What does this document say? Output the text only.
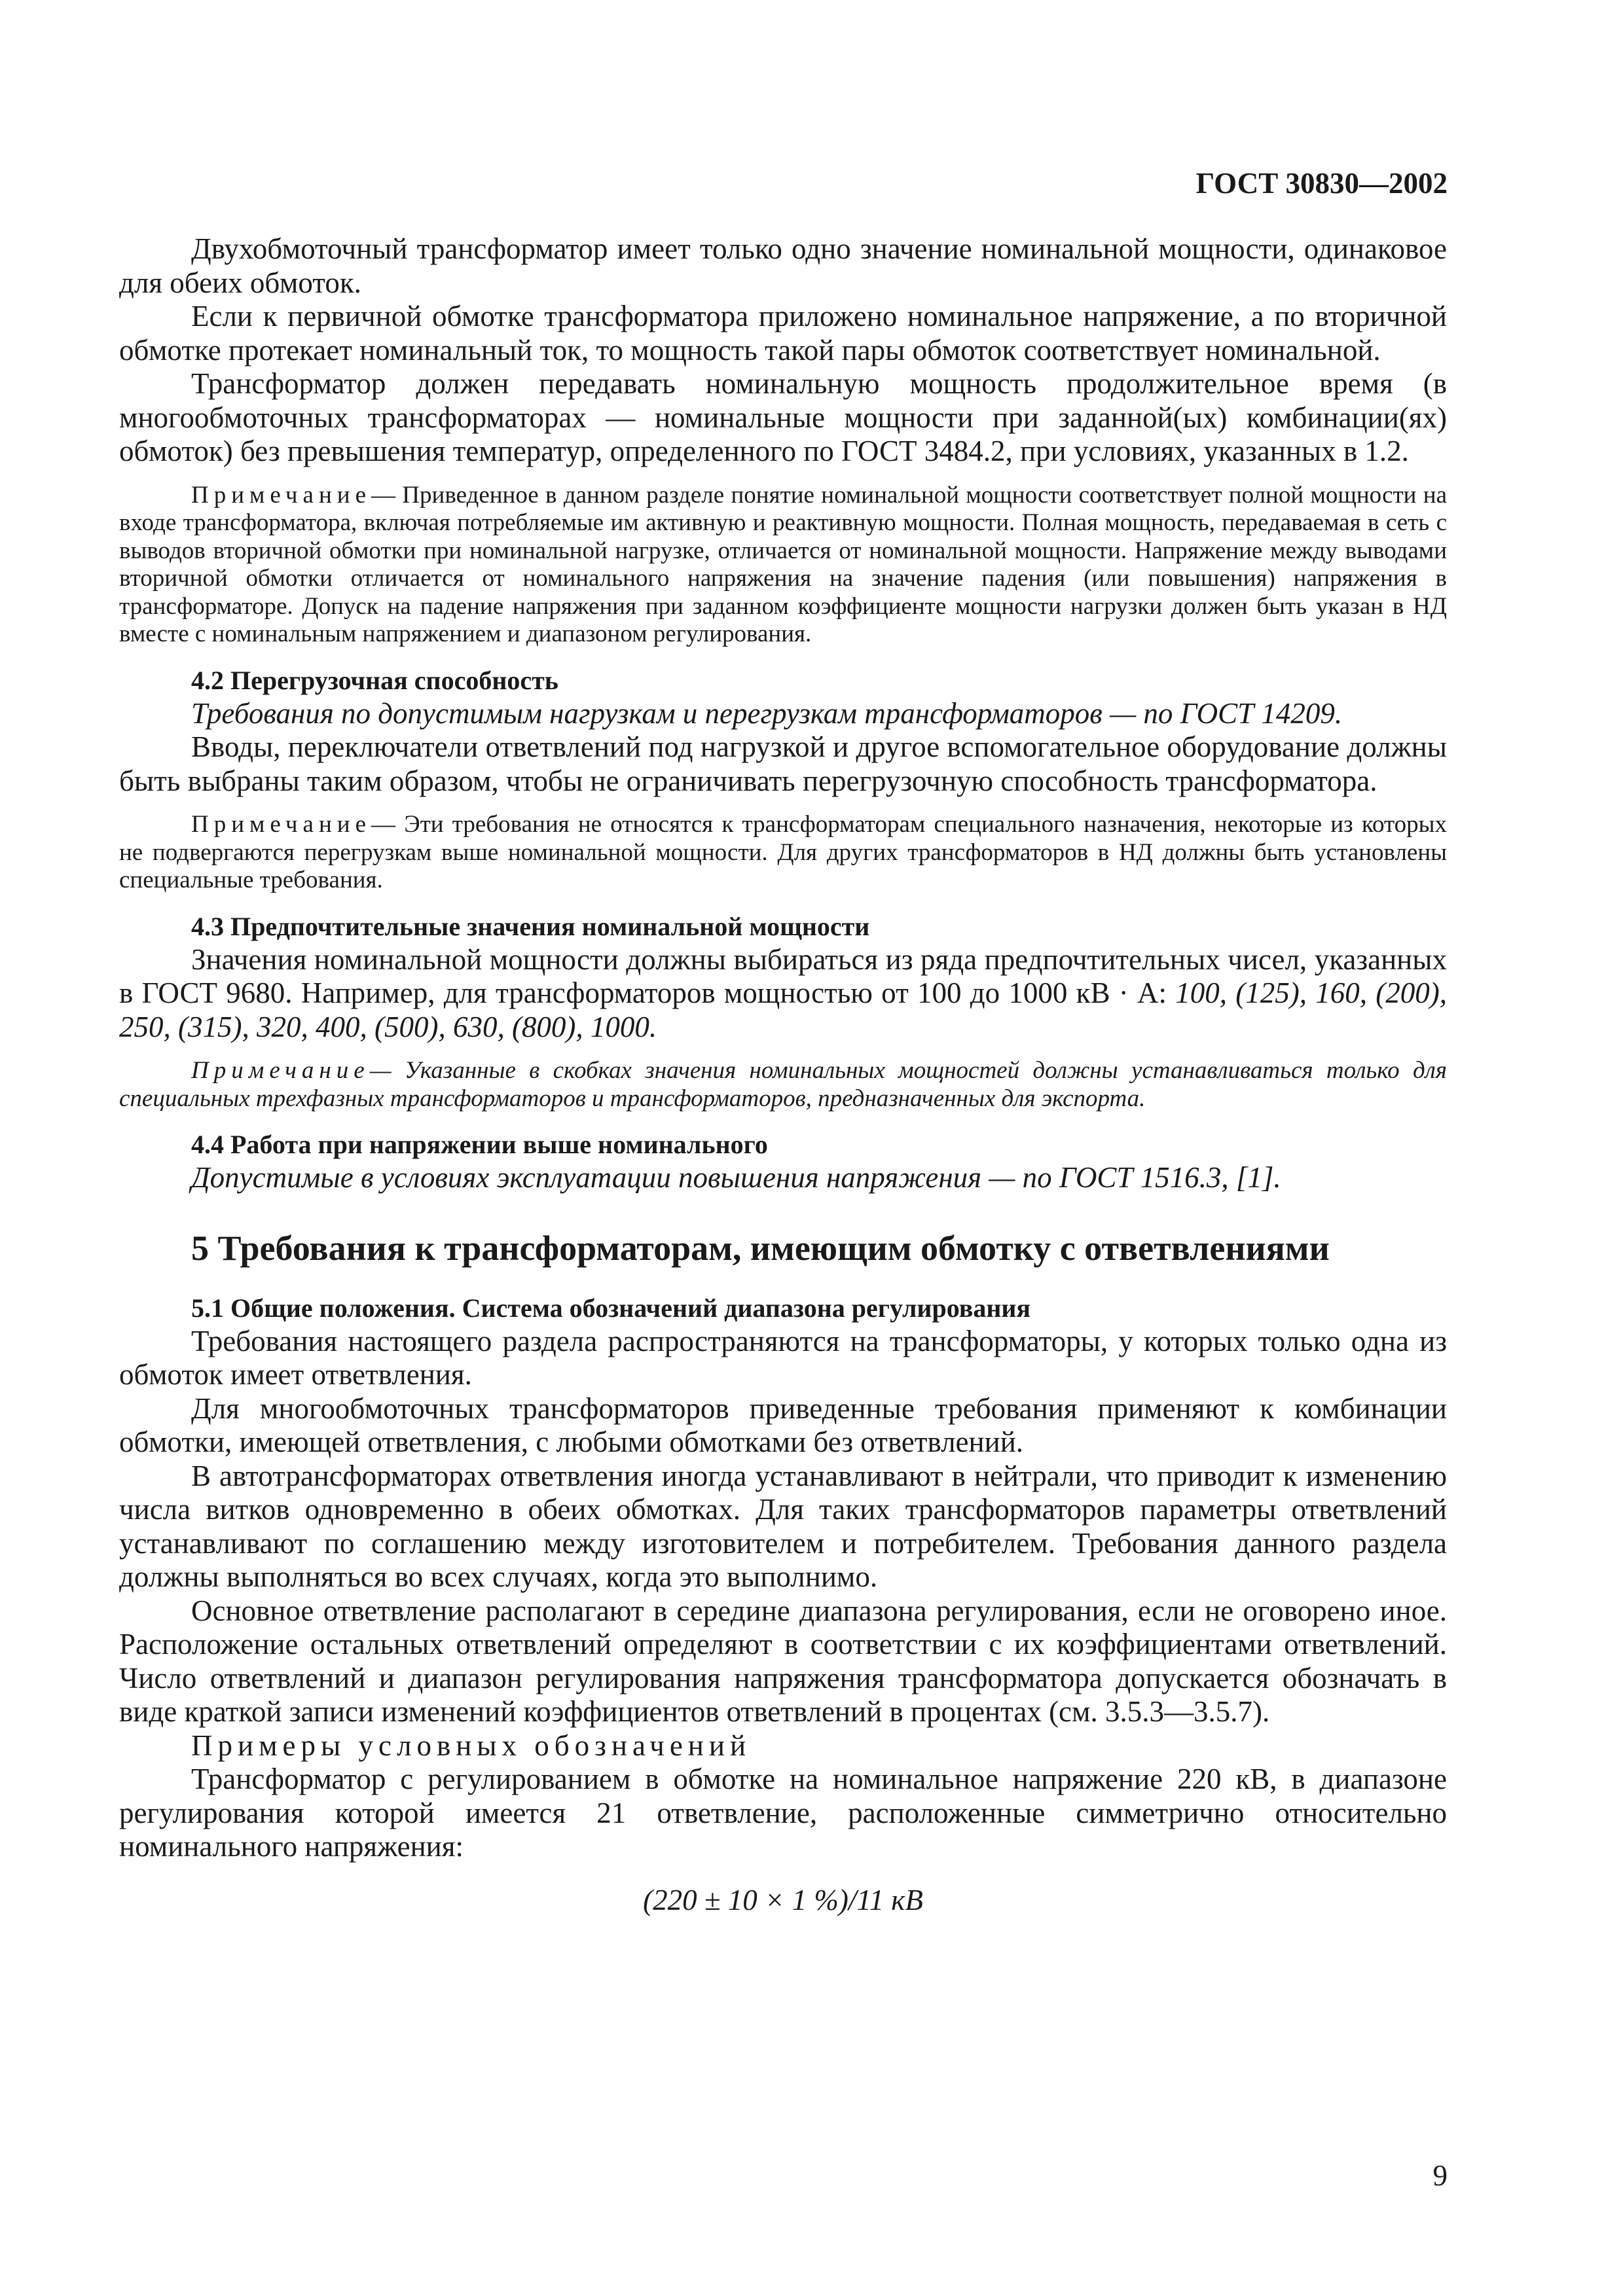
ГОСТ 30830—2002

Двухобмоточный трансформатор имеет только одно значение номинальной мощности, одинаковое для обеих обмоток.

Если к первичной обмотке трансформатора приложено номинальное напряжение, а по вторичной обмотке протекает номинальный ток, то мощность такой пары обмоток соответствует номинальной.

Трансформатор должен передавать номинальную мощность продолжительное время (в многообмоточных трансформаторах — номинальные мощности при заданной(ых) комбинации(ях) обмоток) без превышения температур, определенного по ГОСТ 3484.2, при условиях, указанных в 1.2.

Примечание— Приведенное в данном разделе понятие номинальной мощности соответствует полной мощности на входе трансформатора, включая потребляемые им активную и реактивную мощности. Полная мощность, передаваемая в сеть с выводов вторичной обмотки при номинальной нагрузке, отличается от номинальной мощности. Напряжение между выводами вторичной обмотки отличается от номинального напряжения на значение падения (или повышения) напряжения в трансформаторе. Допуск на падение напряжения при заданном коэффициенте мощности нагрузки должен быть указан в НД вместе с номинальным напряжением и диапазоном регулирования.

4.2 Перегрузочная способность

Требования по допустимым нагрузкам и перегрузкам трансформаторов — по ГОСТ 14209.

Вводы, переключатели ответвлений под нагрузкой и другое вспомогательное оборудование должны быть выбраны таким образом, чтобы не ограничивать перегрузочную способность трансформатора.

Примечание— Эти требования не относятся к трансформаторам специального назначения, некоторые из которых не подвергаются перегрузкам выше номинальной мощности. Для других трансформаторов в НД должны быть установлены специальные требования.

4.3 Предпочтительные значения номинальной мощности

Значения номинальной мощности должны выбираться из ряда предпочтительных чисел, указанных в ГОСТ 9680. Например, для трансформаторов мощностью от 100 до 1000 кВ · А: 100, (125), 160, (200), 250, (315), 320, 400, (500), 630, (800), 1000.

Примечание— Указанные в скобках значения номинальных мощностей должны устанавливаться только для специальных трехфазных трансформаторов и трансформаторов, предназначенных для экспорта.

4.4 Работа при напряжении выше номинального

Допустимые в условиях эксплуатации повышения напряжения — по ГОСТ 1516.3, [1].

5 Требования к трансформаторам, имеющим обмотку с ответвлениями

5.1 Общие положения. Система обозначений диапазона регулирования

Требования настоящего раздела распространяются на трансформаторы, у которых только одна из обмоток имеет ответвления.

Для многообмоточных трансформаторов приведенные требования применяют к комбинации обмотки, имеющей ответвления, с любыми обмотками без ответвлений.

В автотрансформаторах ответвления иногда устанавливают в нейтрали, что приводит к изменению числа витков одновременно в обеих обмотках. Для таких трансформаторов параметры ответвлений устанавливают по соглашению между изготовителем и потребителем. Требования данного раздела должны выполняться во всех случаях, когда это выполнимо.

Основное ответвление располагают в середине диапазона регулирования, если не оговорено иное. Расположение остальных ответвлений определяют в соответствии с их коэффициентами ответвлений. Число ответвлений и диапазон регулирования напряжения трансформатора допускается обозначать в виде краткой записи изменений коэффициентов ответвлений в процентах (см. 3.5.3—3.5.7).

Примеры условных обозначений

Трансформатор с регулированием в обмотке на номинальное напряжение 220 кВ, в диапазоне регулирования которой имеется 21 ответвление, расположенные симметрично относительно номинального напряжения:

(220 ± 10 × 1 %)/11 кВ

9
